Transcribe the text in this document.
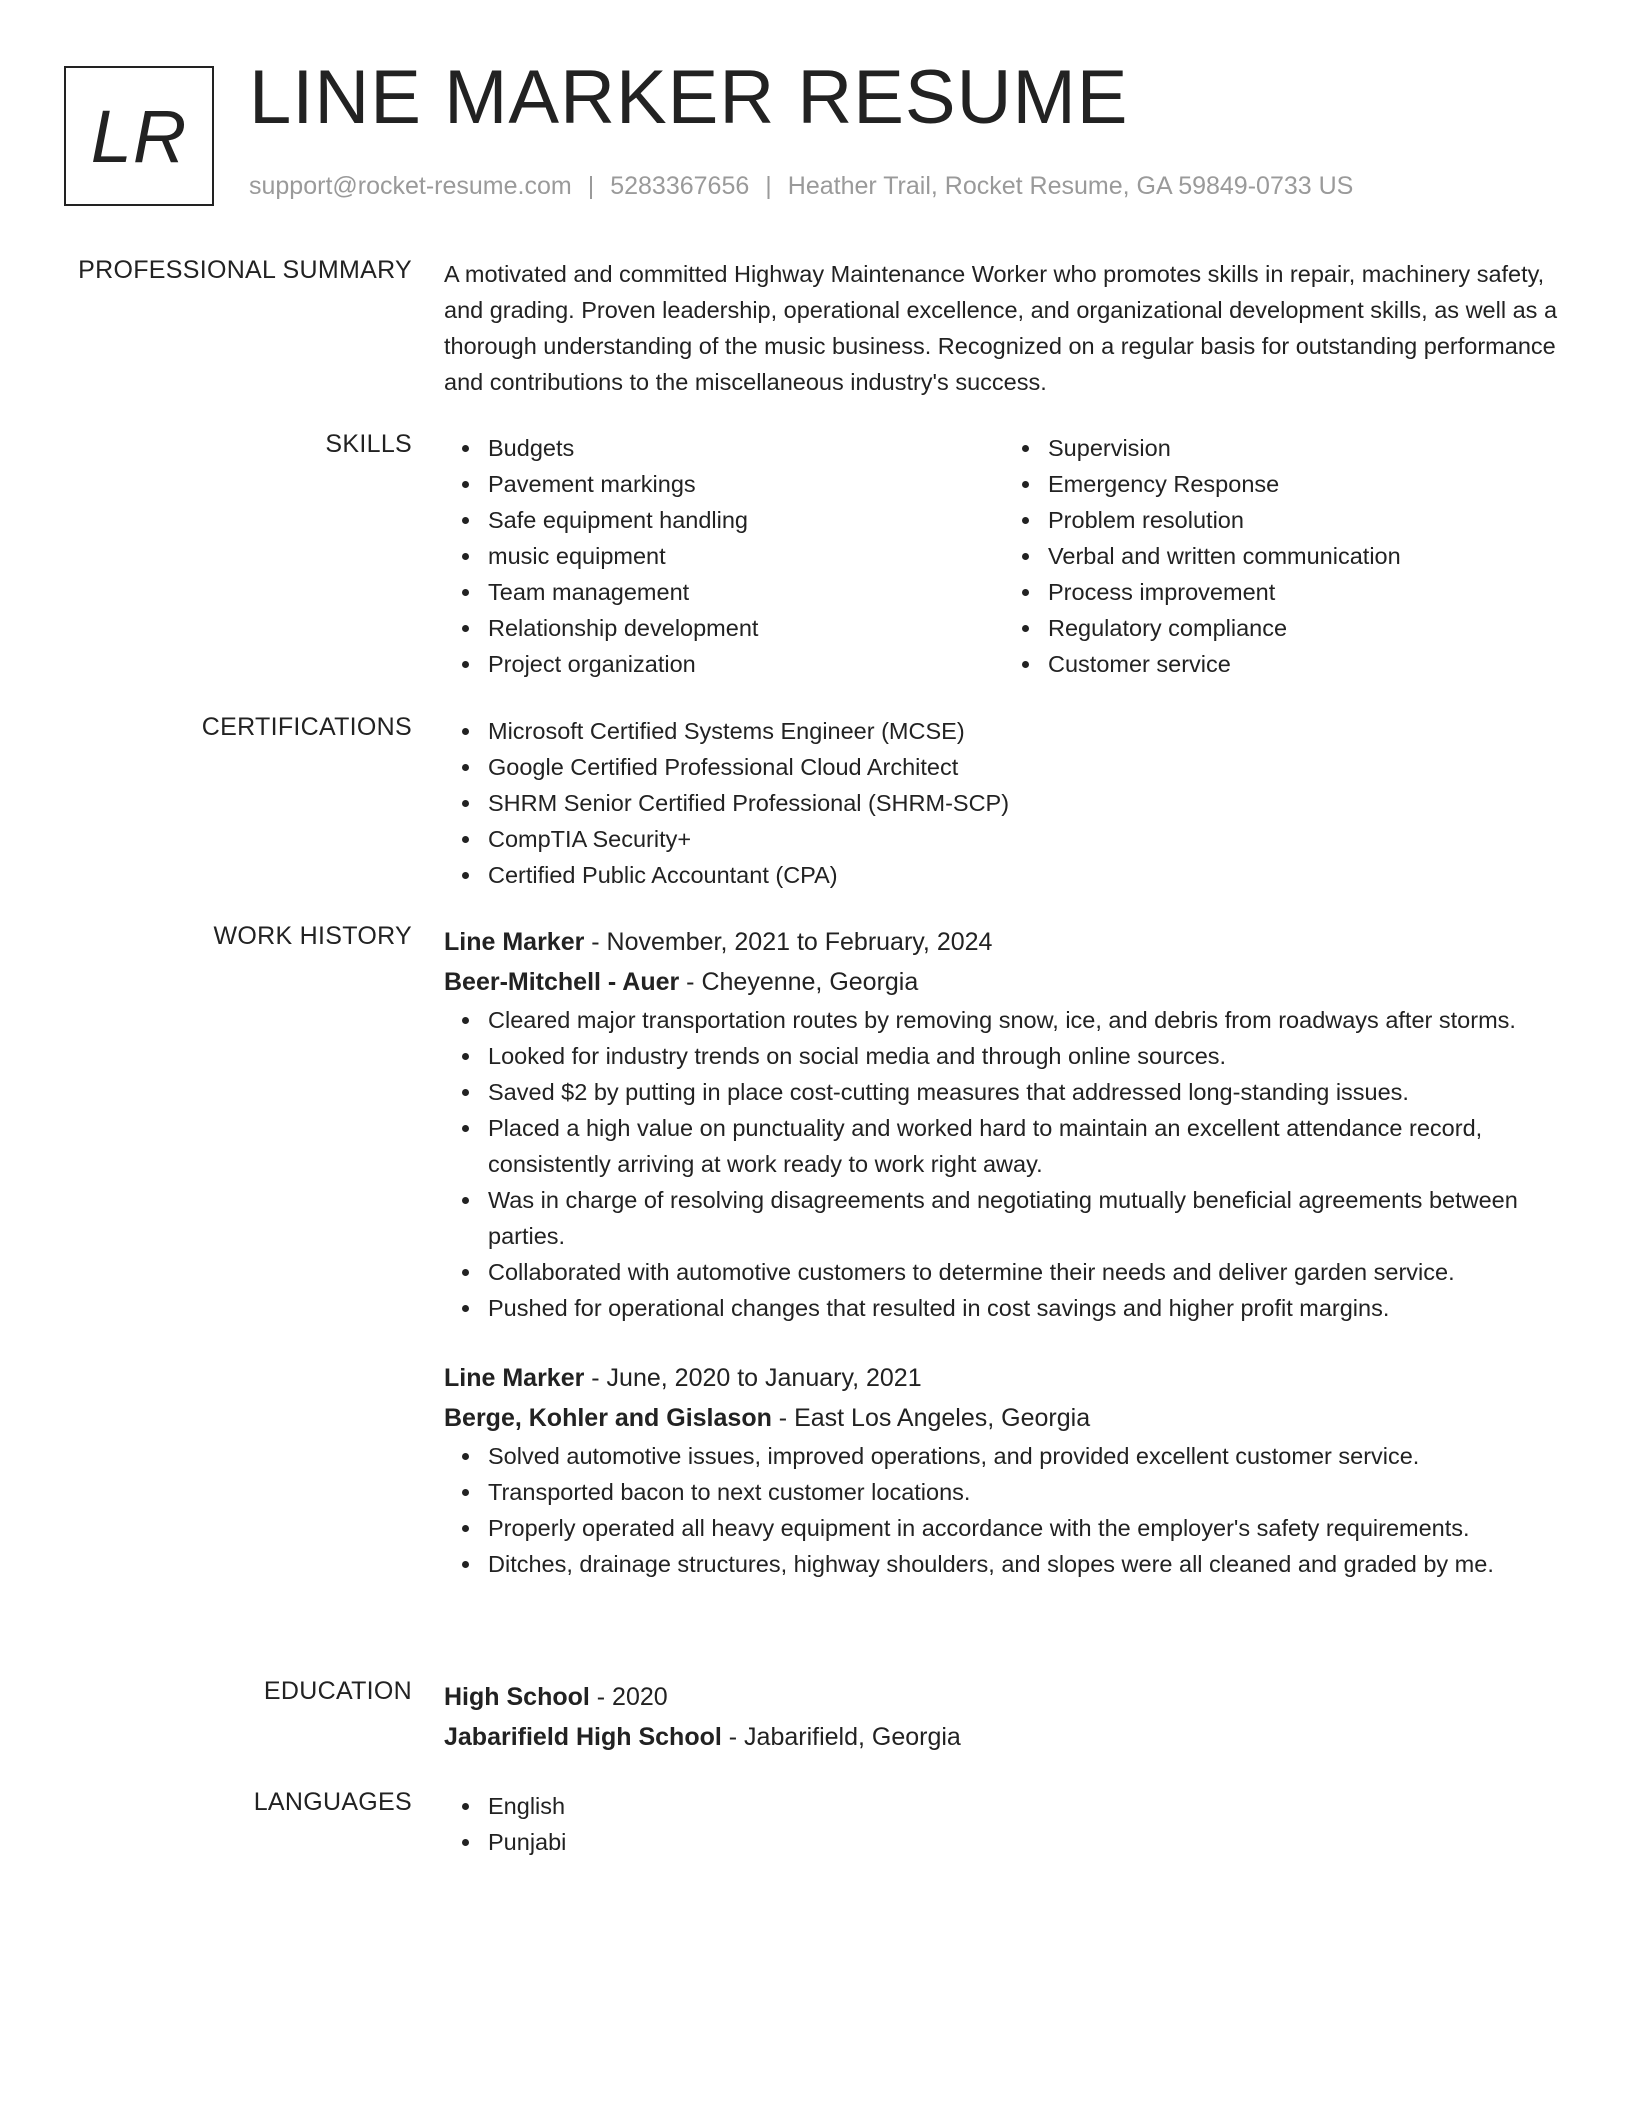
LR LINE MARKER RESUME
support@rocket-resume.com | 5283367656 | Heather Trail, Rocket Resume, GA 59849-0733 US
PROFESSIONAL SUMMARY A motivated and committed Highway Maintenance Worker who promotes skills in repair, machinery safety, and grading. Proven leadership, operational excellence, and organizational development skills, as well as a thorough understanding of the music business. Recognized on a regular basis for outstanding performance and contributions to the miscellaneous industry's success.

SKILLS	Budgets
Pavement markings
Safe equipment handling
music equipment
Team management
Relationship development
Project organization
Supervision
Emergency Response
Problem resolution
Verbal and written communication
Process improvement
Regulatory compliance
Customer service
CERTIFICATIONS	Microsoft Certified Systems Engineer (MCSE)
Google Certified Professional Cloud Architect
SHRM Senior Certified Professional (SHRM-SCP)
CompTIA Security+
Certified Public Accountant (CPA)
WORK HISTORY Line Marker - November, 2021 to February, 2024
Beer-Mitchell - Auer - Cheyenne, Georgia
Cleared major transportation routes by removing snow, ice, and debris from roadways after storms.
Looked for industry trends on social media and through online sources.
Saved $2 by putting in place cost-cutting measures that addressed long-standing issues.
Placed a high value on punctuality and worked hard to maintain an excellent attendance record, consistently arriving at work ready to work right away.
Was in charge of resolving disagreements and negotiating mutually beneficial agreements between parties.
Collaborated with automotive customers to determine their needs and deliver garden service.
Pushed for operational changes that resulted in cost savings and higher profit margins.
Line Marker - June, 2020 to January, 2021
Berge, Kohler and Gislason - East Los Angeles, Georgia
Solved automotive issues, improved operations, and provided excellent customer service.
Transported bacon to next customer locations.
Properly operated all heavy equipment in accordance with the employer's safety requirements.
Ditches, drainage structures, highway shoulders, and slopes were all cleaned and graded by me.
EDUCATION High School - 2020
Jabarifield High School - Jabarifield, Georgia
LANGUAGES	English
Punjabi
